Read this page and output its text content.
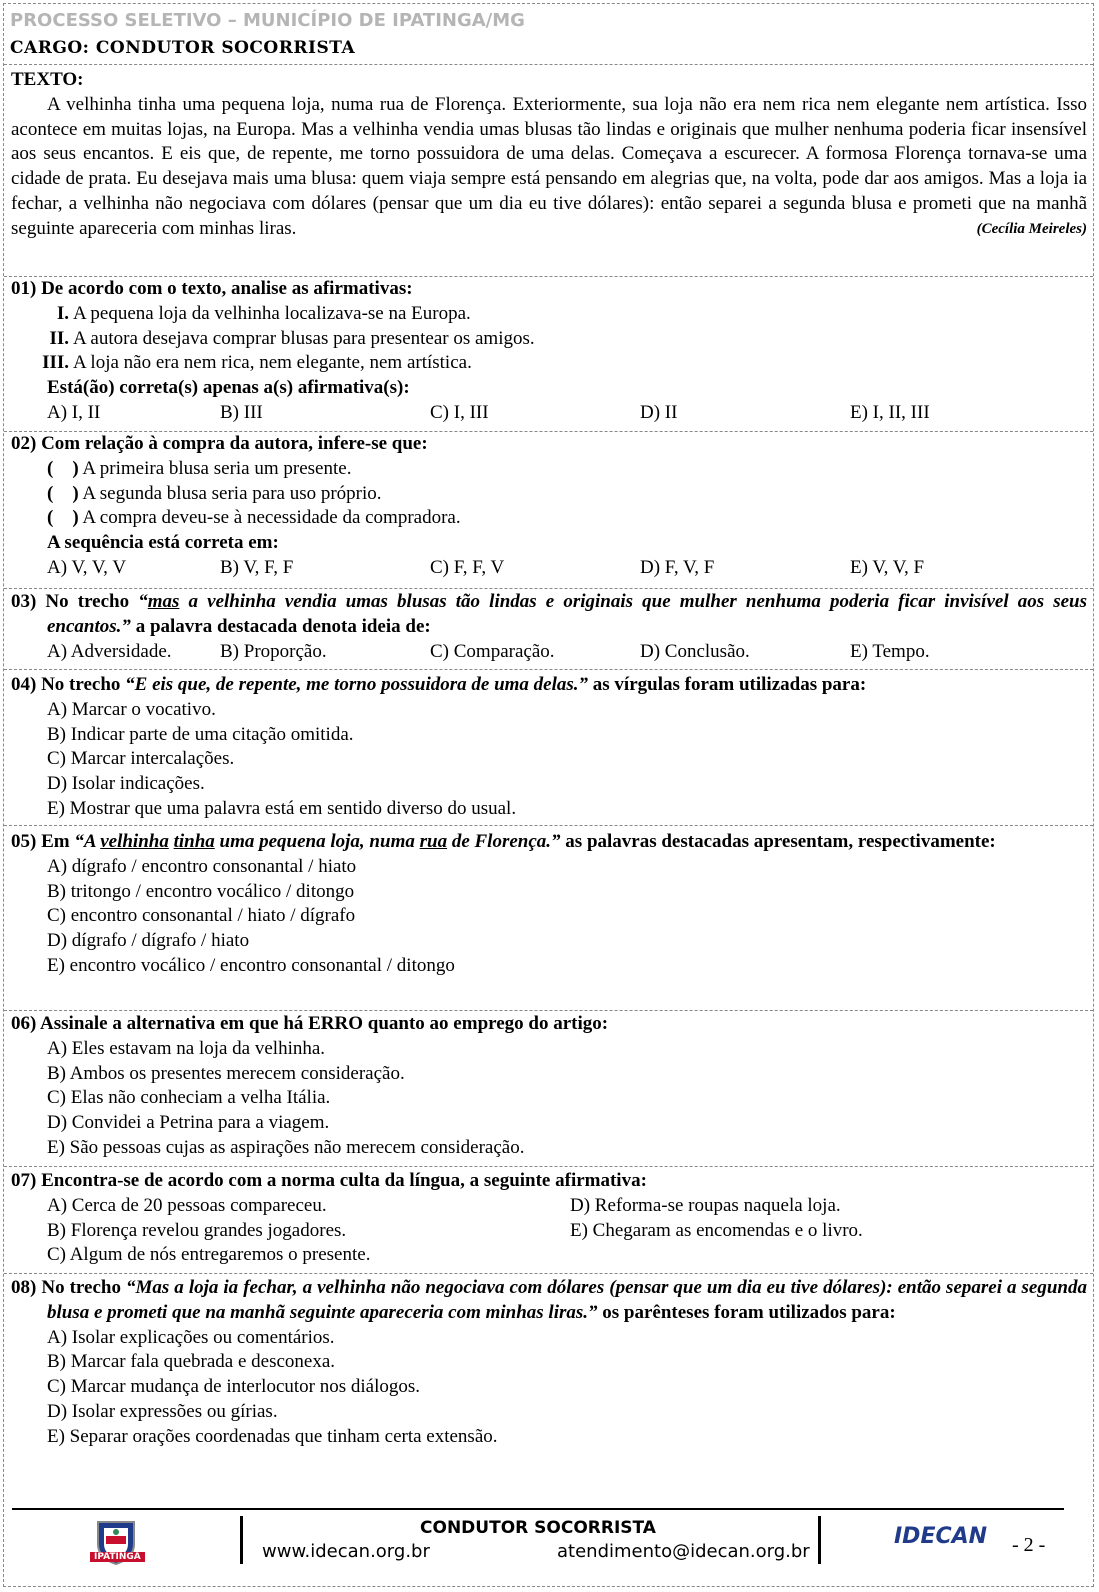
PROCESSO SELETIVO – MUNICÍPIO DE IPATINGA/MG
CARGO: CONDUTOR SOCORRISTA
TEXTO:
A velhinha tinha uma pequena loja, numa rua de Florença. Exteriormente, sua loja não era nem rica nem elegante nem artística. Isso acontece em muitas lojas, na Europa. Mas a velhinha vendia umas blusas tão lindas e originais que mulher nenhuma poderia ficar insensível aos seus encantos. E eis que, de repente, me torno possuidora de uma delas. Começava a escurecer. A formosa Florença tornava-se uma cidade de prata. Eu desejava mais uma blusa: quem viaja sempre está pensando em alegrias que, na volta, pode dar aos amigos. Mas a loja ia fechar, a velhinha não negociava com dólares (pensar que um dia eu tive dólares): então separei a segunda blusa e prometi que na manhã seguinte apareceria com minhas liras.	(Cecília Meireles)
01) De acordo com o texto, analise as afirmativas:
I. A pequena loja da velhinha localizava-se na Europa.
II. A autora desejava comprar blusas para presentear os amigos.
III. A loja não era nem rica, nem elegante, nem artística.
Está(ão) correta(s) apenas a(s) afirmativa(s):
A) I, II	B) III	C) I, III	D) II	E) I, II, III
02) Com relação à compra da autora, infere-se que:
(    ) A primeira blusa seria um presente.
(    ) A segunda blusa seria para uso próprio.
(    ) A compra deveu-se à necessidade da compradora.
A sequência está correta em:
A) V, V, V	B) V, F, F	C) F, F, V	D) F, V, F	E) V, V, F
03) No trecho “mas a velhinha vendia umas blusas tão lindas e originais que mulher nenhuma poderia ficar invisível aos seus encantos.” a palavra destacada denota ideia de:
A) Adversidade.	B) Proporção.	C) Comparação.	D) Conclusão.	E) Tempo.
04) No trecho “E eis que, de repente, me torno possuidora de uma delas.” as vírgulas foram utilizadas para:
A) Marcar o vocativo.
B) Indicar parte de uma citação omitida.
C) Marcar intercalações.
D) Isolar indicações.
E) Mostrar que uma palavra está em sentido diverso do usual.
05) Em “A velhinha tinha uma pequena loja, numa rua de Florença.” as palavras destacadas apresentam, respectivamente:
A) dígrafo / encontro consonantal / hiato
B) tritongo / encontro vocálico / ditongo
C) encontro consonantal / hiato / dígrafo
D) dígrafo / dígrafo / hiato
E) encontro vocálico / encontro consonantal / ditongo
06) Assinale a alternativa em que há ERRO quanto ao emprego do artigo:
A) Eles estavam na loja da velhinha.
B) Ambos os presentes merecem consideração.
C) Elas não conheciam a velha Itália.
D) Convidei a Petrina para a viagem.
E) São pessoas cujas as aspirações não merecem consideração.
07) Encontra-se de acordo com a norma culta da língua, a seguinte afirmativa:
A) Cerca de 20 pessoas compareceu.	D) Reforma-se roupas naquela loja.
B) Florença revelou grandes jogadores.	E) Chegaram as encomendas e o livro.
C) Algum de nós entregaremos o presente.
08) No trecho “Mas a loja ia fechar, a velhinha não negociava com dólares (pensar que um dia eu tive dólares): então separei a segunda blusa e prometi que na manhã seguinte apareceria com minhas liras.” os parênteses foram utilizados para:
A) Isolar explicações ou comentários.
B) Marcar fala quebrada e desconexa.
C) Marcar mudança de interlocutor nos diálogos.
D) Isolar expressões ou gírias.
E) Separar orações coordenadas que tinham certa extensão.
IPATINGA
CONDUTOR SOCORRISTA
www.idecan.org.br	atendimento@idecan.org.br
IDECAN - 2 -
